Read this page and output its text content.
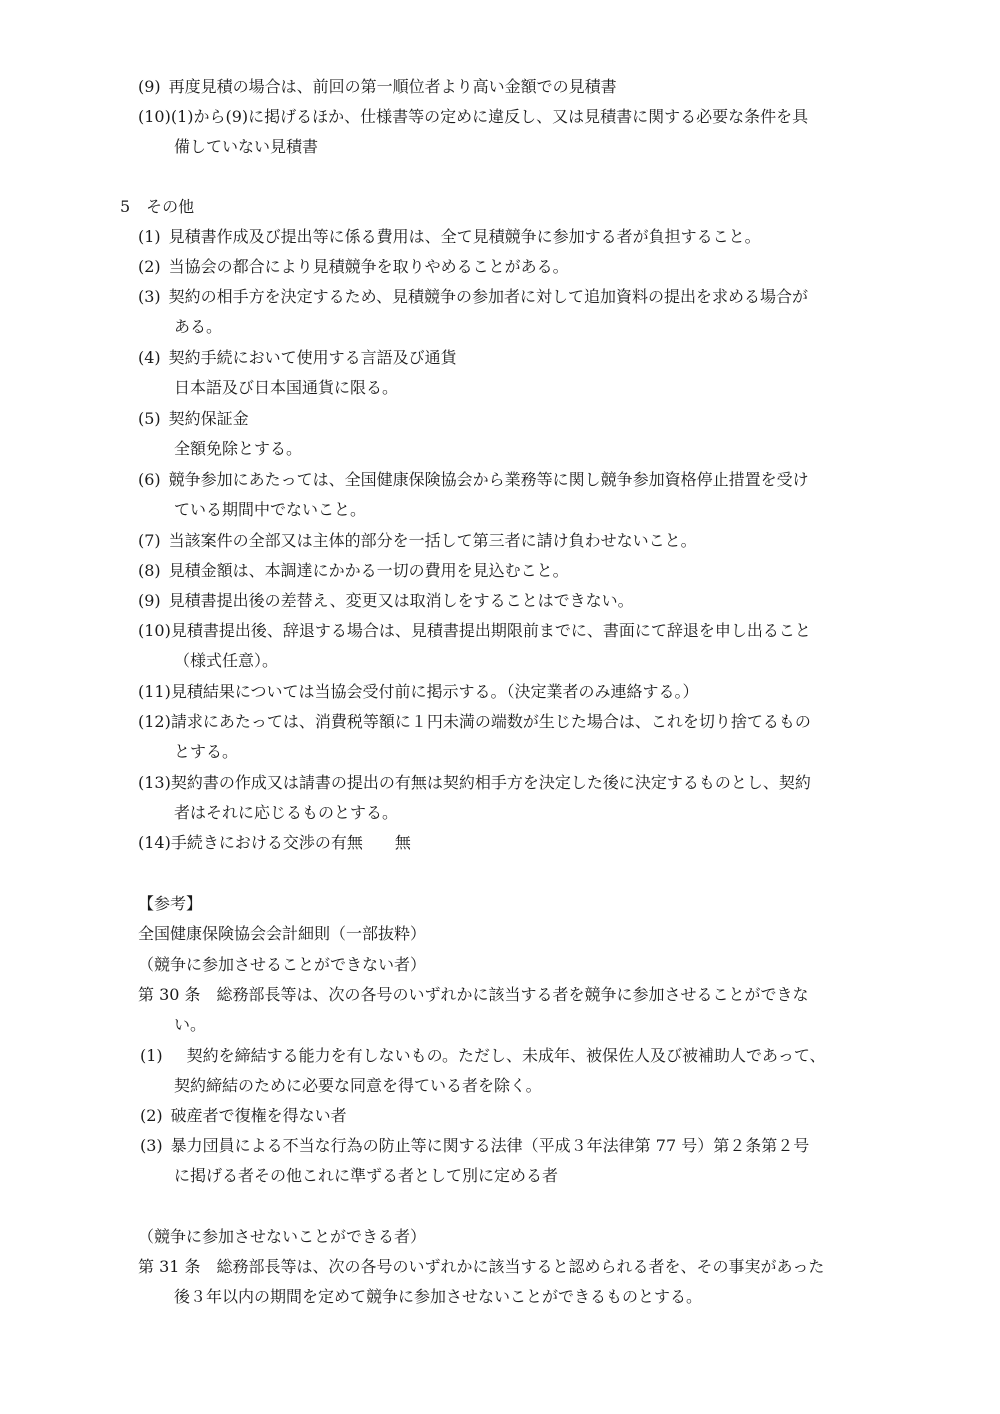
(9) 再度見積の場合は、前回の第一順位者より高い金額での見積書
(10)(1)から(9)に掲げるほか、仕様書等の定めに違反し、又は見積書に関する必要な条件を具
備していない見積書
5　その他
(1) 見積書作成及び提出等に係る費用は、全て見積競争に参加する者が負担すること。
(2) 当協会の都合により見積競争を取りやめることがある。
(3) 契約の相手方を決定するため、見積競争の参加者に対して追加資料の提出を求める場合が
ある。
(4) 契約手続において使用する言語及び通貨
日本語及び日本国通貨に限る。
(5) 契約保証金
全額免除とする。
(6) 競争参加にあたっては、全国健康保険協会から業務等に関し競争参加資格停止措置を受け
ている期間中でないこと。
(7) 当該案件の全部又は主体的部分を一括して第三者に請け負わせないこと。
(8) 見積金額は、本調達にかかる一切の費用を見込むこと。
(9) 見積書提出後の差替え、変更又は取消しをすることはできない。
(10)見積書提出後、辞退する場合は、見積書提出期限前までに、書面にて辞退を申し出ること
（様式任意）。
(11)見積結果については当協会受付前に掲示する。（決定業者のみ連絡する。）
(12)請求にあたっては、消費税等額に１円未満の端数が生じた場合は、これを切り捨てるもの
とする。
(13)契約書の作成又は請書の提出の有無は契約相手方を決定した後に決定するものとし、契約
者はそれに応じるものとする。
(14)手続きにおける交渉の有無　　無
【参考】
全国健康保険協会会計細則（一部抜粋）
（競争に参加させることができない者）
第 30 条　総務部長等は、次の各号のいずれかに該当する者を競争に参加させることができな
い。
(1)　契約を締結する能力を有しないもの。ただし、未成年、被保佐人及び被補助人であって、
契約締結のために必要な同意を得ている者を除く。
(2) 破産者で復権を得ない者
(3) 暴力団員による不当な行為の防止等に関する法律（平成３年法律第 77 号）第２条第２号
に掲げる者その他これに準ずる者として別に定める者
（競争に参加させないことができる者）
第 31 条　総務部長等は、次の各号のいずれかに該当すると認められる者を、その事実があった
後３年以内の期間を定めて競争に参加させないことができるものとする。
